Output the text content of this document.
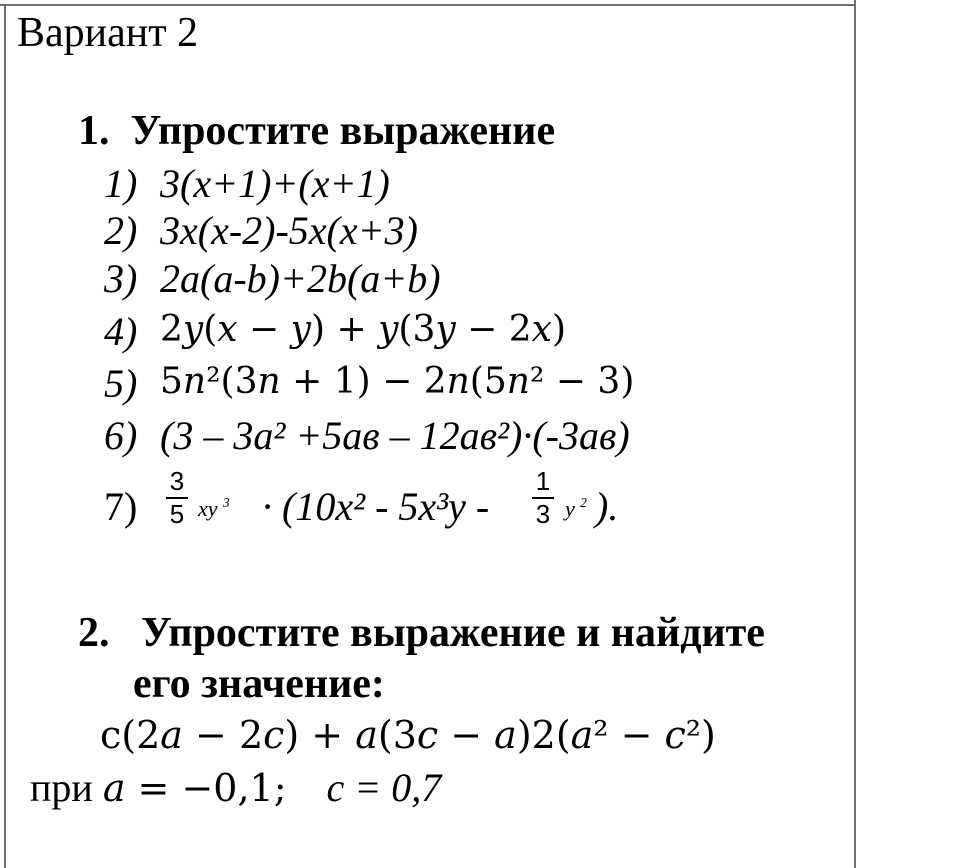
Вариант 2
1. Упростите выражение
1) 3(x+1)+(x+1)
2) 3x(x-2)-5x(x+3)
3) 2a(a-b)+2b(a+b)
4) 2𝑦(𝑥 − 𝑦) + 𝑦(3𝑦 − 2𝑥)
5) 5𝑛²(3𝑛 + 1) − 2𝑛(5𝑛² − 3)
6) (3 – 3a² +5aв – 12aв²)·(-3aв)
7)
3
5 xy $^3$ · (10x² - 5x³y -
1
3 y $^2$ ).
2. Упростите выражение и найдите
его значение:
c(2𝑎 − 2𝑐) + 𝑎(3𝑐 − 𝑎)2(𝑎² − 𝑐²)
при 𝑎 = −0,1; c = 0,7
